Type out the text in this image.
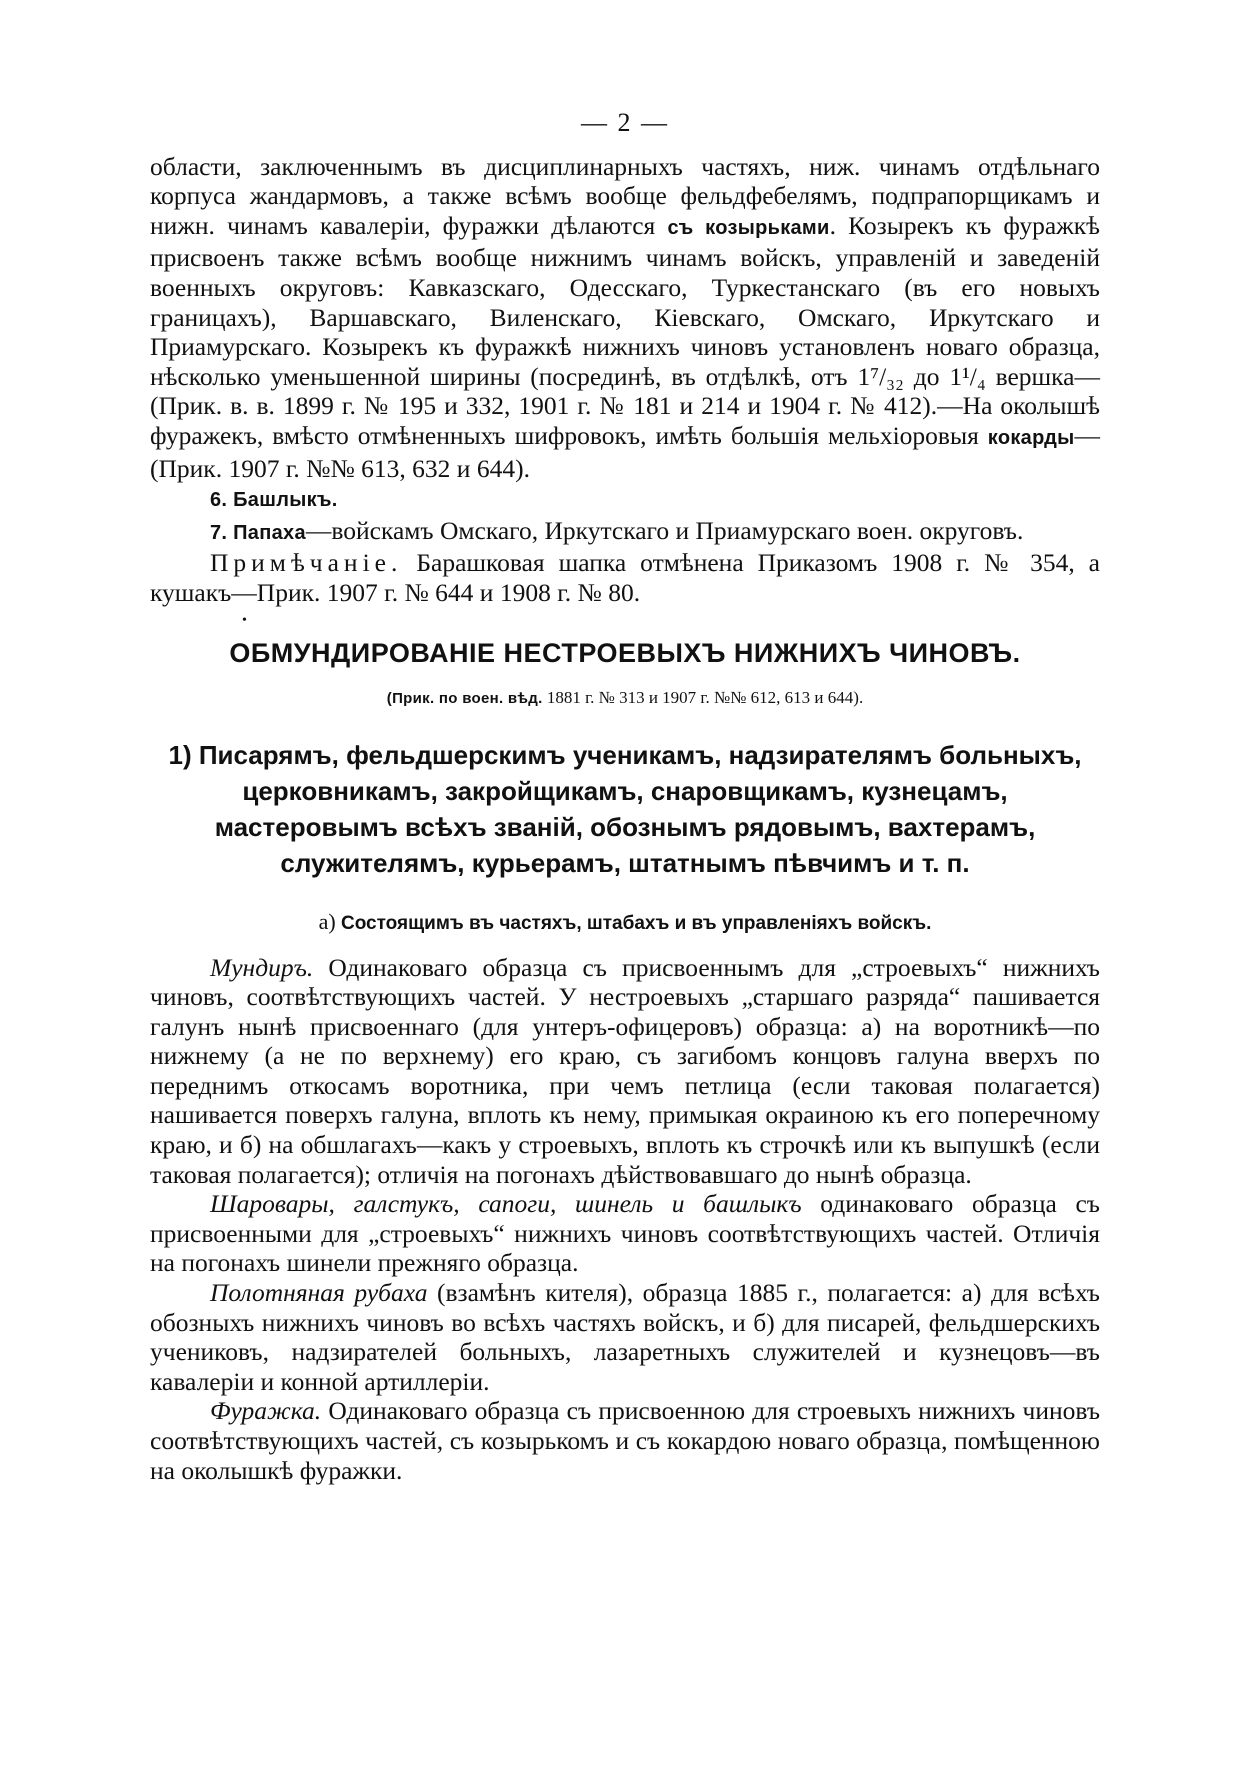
— 2 —

области, заключеннымъ въ дисциплинарныхъ частяхъ, ниж. чинамъ отдѣльнаго корпуса жандармовъ, а также всѣмъ вообще фельдфебелямъ, подпрапорщикамъ и нижн. чинамъ кавалеріи, фуражки дѣлаются съ козырьками. Козырекъ къ фуражкѣ присвоенъ также всѣмъ вообще нижнимъ чинамъ войскъ, управленій и заведеній военныхъ округовъ: Кавказскаго, Одесскаго, Туркестанскаго (въ его новыхъ границахъ), Варшавскаго, Виленскаго, Кіевскаго, Омскаго, Иркутскаго и Приамурскаго. Козырекъ къ фуражкѣ нижнихъ чиновъ установленъ новаго образца, нѣсколько уменьшенной ширины (посрединѣ, въ отдѣлкѣ, отъ 1⁷/₃₂ до 1¹/₄ вершка—(Прик. в. в. 1899 г. № 195 и 332, 1901 г. № 181 и 214 и 1904 г. № 412).—На околышѣ фуражекъ, вмѣсто отмѣненныхъ шифровокъ, имѣть большія мельхіоровыя кокарды—(Прик. 1907 г. №№ 613, 632 и 644).

6. Башлыкъ.

7. Папаха—войскамъ Омскаго, Иркутскаго и Приамурскаго воен. округовъ.

Примѣчаніе. Барашковая шапка отмѣнена Приказомъ 1908 г. № 354, а кушакъ—Прик. 1907 г. № 644 и 1908 г. № 80.

•
ОБМУНДИРОВАНІЕ НЕСТРОЕВЫХЪ НИЖНИХЪ ЧИНОВЪ.
(Прик. по воен. вѣд. 1881 г. № 313 и 1907 г. №№ 612, 613 и 644).
1) Писарямъ, фельдшерскимъ ученикамъ, надзирателямъ больныхъ, церковникамъ, закройщикамъ, снаровщикамъ, кузнецамъ, мастеровымъ всѣхъ званій, обознымъ рядовымъ, вахтерамъ, служителямъ, курьерамъ, штатнымъ пѣвчимъ и т. п.
а) Состоящимъ въ частяхъ, штабахъ и въ управленіяхъ войскъ.

Мундиръ. Одинаковаго образца съ присвоеннымъ для „строевыхъ“ нижнихъ чиновъ, соотвѣтствующихъ частей. У нестроевыхъ „старшаго разряда“ пашивается галунъ нынѣ присвоеннаго (для унтеръ-офицеровъ) образца: а) на воротникѣ—по нижнему (а не по верхнему) его краю, съ загибомъ концовъ галуна вверхъ по переднимъ откосамъ воротника, при чемъ петлица (если таковая полагается) нашивается поверхъ галуна, вплоть къ нему, примыкая окраиною къ его поперечному краю, и б) на обшлагахъ—какъ у строевыхъ, вплоть къ строчкѣ или къ выпушкѣ (если таковая полагается); отличія на погонахъ дѣйствовавшаго до нынѣ образца.

Шаровары, галстукъ, сапоги, шинель и башлыкъ одинаковаго образца съ присвоенными для „строевыхъ“ нижнихъ чиновъ соотвѣтствующихъ частей. Отличія на погонахъ шинели прежняго образца.

Полотняная рубаха (взамѣнъ кителя), образца 1885 г., полагается: а) для всѣхъ обозныхъ нижнихъ чиновъ во всѣхъ частяхъ войскъ, и б) для писарей, фельдшерскихъ учениковъ, надзирателей больныхъ, лазаретныхъ служителей и кузнецовъ—въ кавалеріи и конной артиллеріи.

Фуражка. Одинаковаго образца съ присвоенною для строевыхъ нижнихъ чиновъ соотвѣтствующихъ частей, съ козырькомъ и съ кокардою новаго образца, помѣщенною на околышкѣ фуражки.
